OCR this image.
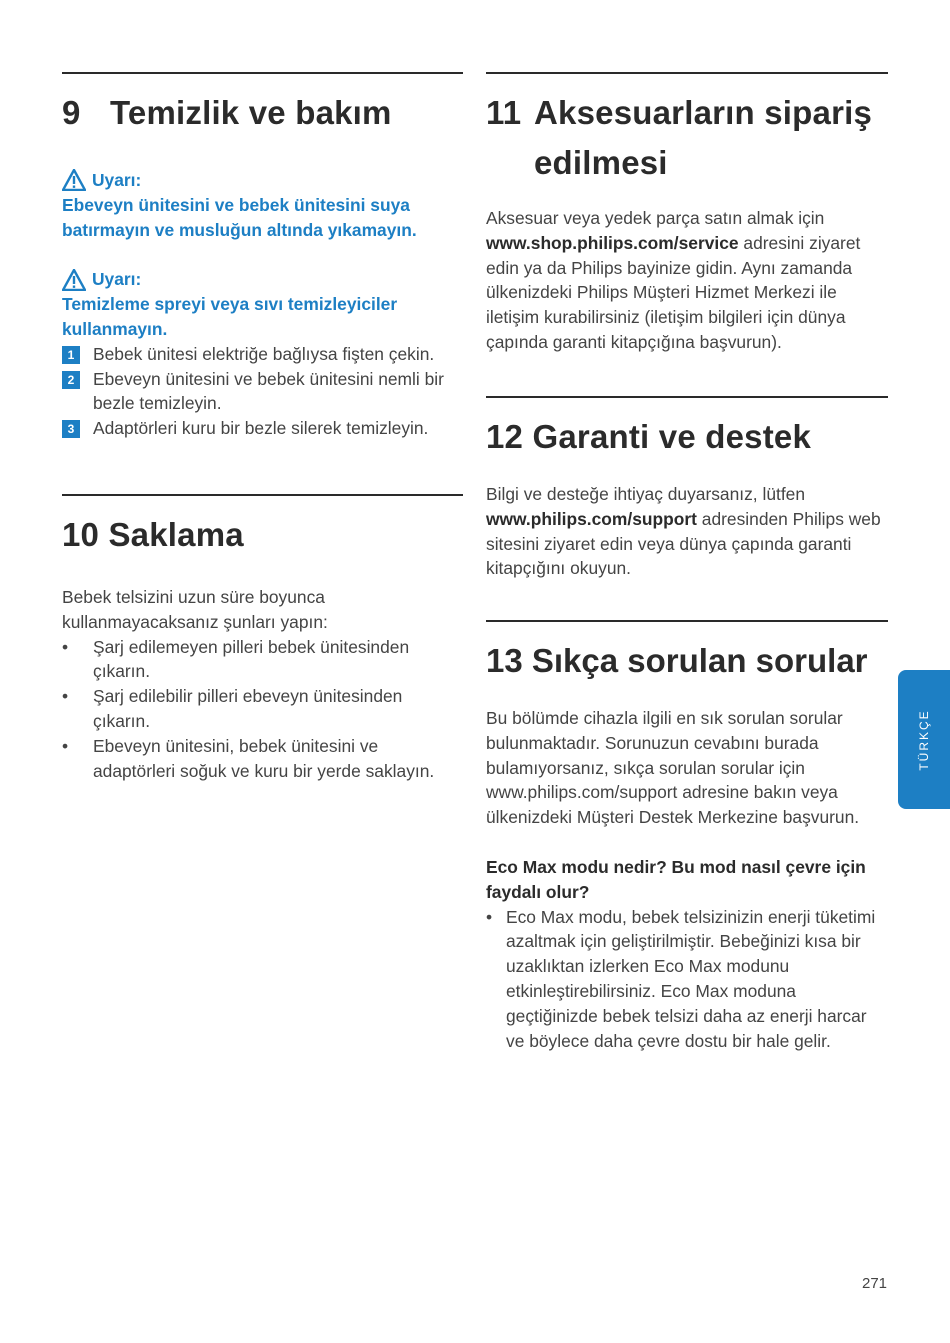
9 Temizlik ve bakım
Uyarı:

Ebeveyn ünitesini ve bebek ünitesini suya batırmayın ve musluğun altında yıkamayın.

Uyarı:

Temizleme spreyi veya sıvı temizleyiciler kullanmayın.

1	Bebek ünitesi elektriğe bağlıysa fişten çekin.
2	Ebeveyn ünitesini ve bebek ünitesini nemli bir bezle temizleyin.
3	Adaptörleri kuru bir bezle silerek temizleyin.
10 Saklama

Bebek telsizini uzun süre boyunca kullanmayacaksanız şunları yapın:

•	Şarj edilemeyen pilleri bebek ünitesinden çıkarın.
•	Şarj edilebilir pilleri ebeveyn ünitesinden çıkarın.
•	Ebeveyn ünitesini, bebek ünitesini ve adaptörleri soğuk ve kuru bir yerde saklayın.
11 Aksesuarların sipariş
edilmesi

Aksesuar veya yedek parça satın almak için www.shop.philips.com/service adresini ziyaret edin ya da Philips bayinize gidin. Aynı zamanda ülkenizdeki Philips Müşteri Hizmet Merkezi ile iletişim kurabilirsiniz (iletişim bilgileri için dünya çapında garanti kitapçığına başvurun).

12 Garanti ve destek

Bilgi ve desteğe ihtiyaç duyarsanız, lütfen www.philips.com/support adresinden Philips web sitesini ziyaret edin veya dünya çapında garanti kitapçığını okuyun.

13 Sıkça sorulan sorular

Bu bölümde cihazla ilgili en sık sorulan sorular bulunmaktadır. Sorunuzun cevabını burada bulamıyorsanız, sıkça sorulan sorular için www.philips.com/support adresine bakın veya ülkenizdeki Müşteri Destek Merkezine başvurun.

Eco Max modu nedir? Bu mod nasıl çevre için faydalı olur?

• Eco Max modu, bebek telsizinizin enerji tüketimi azaltmak için geliştirilmiştir. Bebeğinizi kısa bir uzaklıktan izlerken Eco Max modunu etkinleştirebilirsiniz. Eco Max moduna geçtiğinizde bebek telsizi daha az enerji harcar ve böylece daha çevre dostu bir hale gelir.
TÜRKÇE
271
